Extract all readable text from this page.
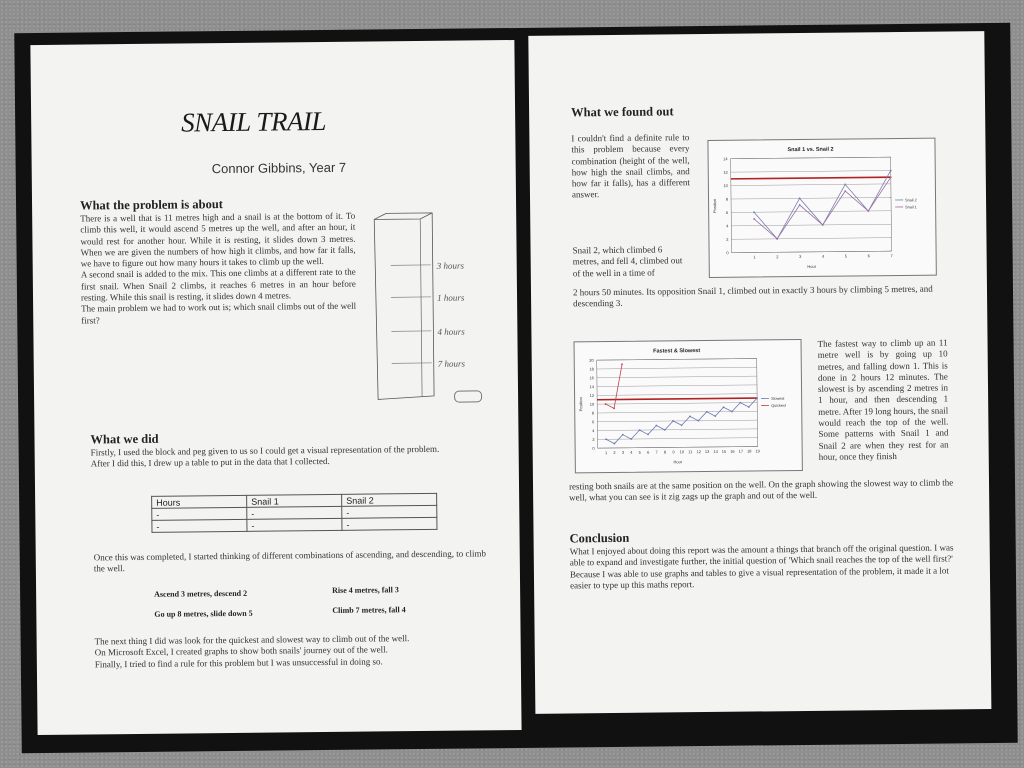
SNAIL TRAIL
Connor Gibbins, Year 7
What the problem is about
There is a well that is 11 metres high and a snail is at the bottom of it. To climb this well, it would ascend 5 metres up the well, and after an hour, it would rest for another hour. While it is resting, it slides down 3 metres. When we are given the numbers of how high it climbs, and how far it falls, we have to figure out how many hours it takes to climb up the well.
A second snail is added to the mix. This one climbs at a different rate to the first snail. When Snail 2 climbs, it reaches 6 metres in an hour before resting. While this snail is resting, it slides down 4 metres.
The main problem we had to work out is; which snail climbs out of the well first?
3 hours
1 hours
4 hours
7 hours
What we did
Firstly, I used the block and peg given to us so I could get a visual representation of the problem.
After I did this, I drew up a table to put in the data that I collected.
Hours	Snail 1	Snail 2
-	-	-
-	-	-
Once this was completed, I started thinking of different combinations of ascending, and descending, to climb the well.
Ascend 3 metres, descend 2	Rise 4 metres, fall 3
Go up 8 metres, slide down 5	Climb 7 metres, fall 4
The next thing I did was look for the quickest and slowest way to climb out of the well.
On Microsoft Excel, I created graphs to show both snails' journey out of the well.
Finally, I tried to find a rule for this problem but I was unsuccessful in doing so.
What we found out
I couldn't find a definite rule to this problem because every combination (height of the well, how high the snail climbs, and how far it falls), has a different answer.
Snail 2, which climbed 6 metres, and fell 4, climbed out of the well in a time of
2 hours 50 minutes. Its opposition Snail 1, climbed out in exactly 3 hours by climbing 5 metres, and descending 3.
Snail 1 vs. Snail 2
0
2
4
6
8
10
12
14
1	2	3	4	5	6	7
Hour
Position	Snail 2
Snail 1
Fastest & Slowest
0
2
4
6
8
10
12
14
16
18
20
1 2 3 4 5 6 7 8 9 10 11 12 13 14 15 16 17 18 19
Hour
Position	Slowest
Quickest
The fastest way to climb up an 11 metre well is by going up 10 metres, and falling down 1. This is done in 2 hours 12 minutes. The slowest is by ascending 2 metres in 1 hour, and then descending 1 metre. After 19 long hours, the snail would reach the top of the well. Some patterns with Snail 1 and Snail 2 are when they rest for an hour, once they finish
resting both snails are at the same position on the well. On the graph showing the slowest way to climb the well, what you can see is it zig zags up the graph and out of the well.
Conclusion
What I enjoyed about doing this report was the amount a things that branch off the original question. I was able to expand and investigate further, the initial question of 'Which snail reaches the top of the well first?' Because I was able to use graphs and tables to give a visual representation of the problem, it made it a lot easier to type up this maths report.
